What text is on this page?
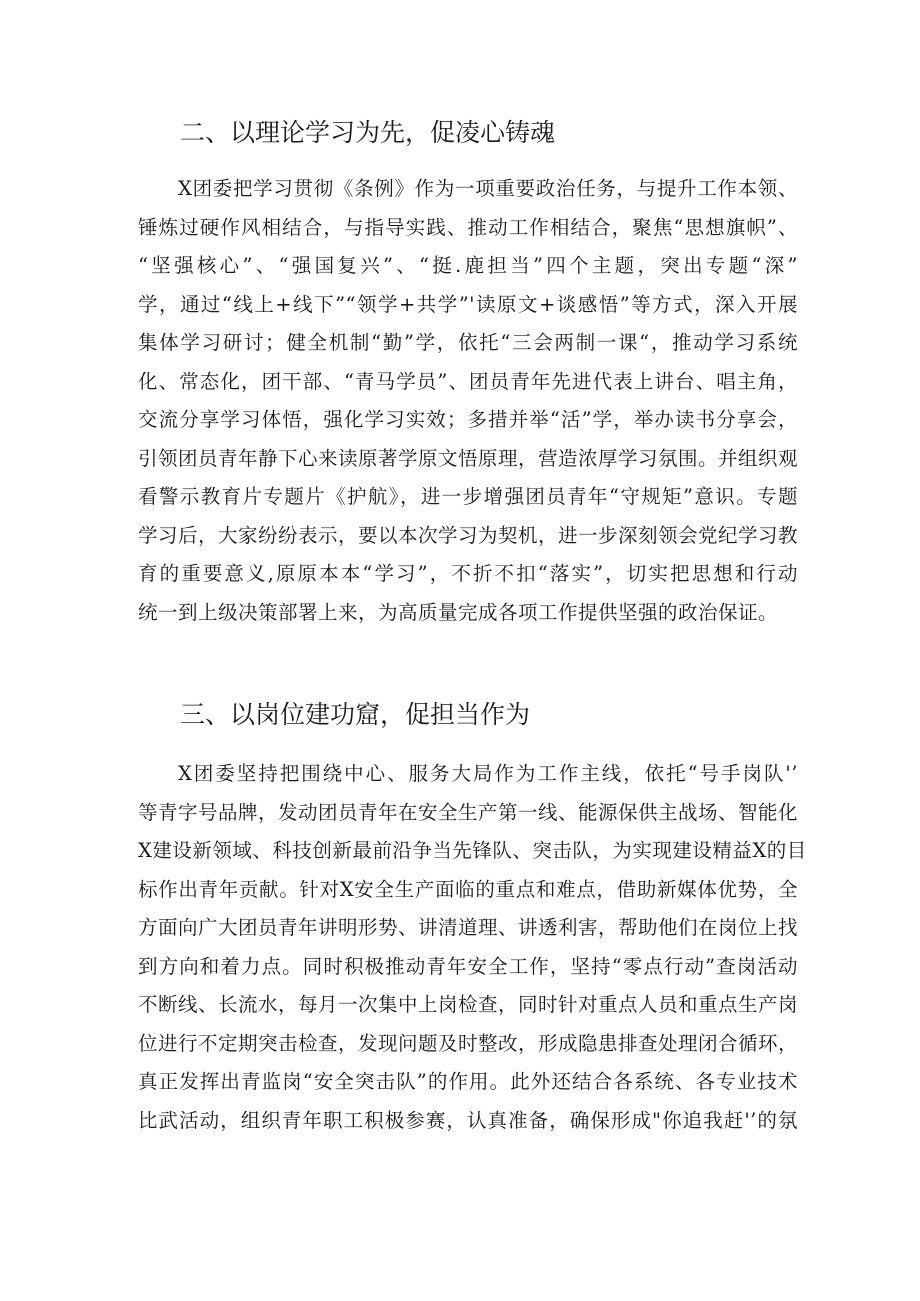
二、以理论学习为先，促凌心铸魂
X团委把学习贯彻《条例》作为一项重要政治任务，与提升工作本领、
锤炼过硬作风相结合，与指导实践、推动工作相结合，聚焦“思想旗帜”、
“坚强核心”、“强国复兴”、“挺.鹿担当”四个主题，突出专题“深”
学，通过“线上+线下”“领学+共学”'读原文+谈感悟”等方式，深入开展
集体学习研讨；健全机制“勤”学，依托“三会两制一课“，推动学习系统
化、常态化，团干部、“青马学员”、团员青年先进代表上讲台、唱主角，
交流分享学习体悟，强化学习实效；多措并举“活”学，举办读书分享会，
引领团员青年静下心来读原著学原文悟原理，营造浓厚学习氛围。并组织观
看警示教育片专题片《护航》，进一步增强团员青年“守规矩”意识。专题
学习后，大家纷纷表示，要以本次学习为契机，进一步深刻领会党纪学习教
育的重要意义,原原本本“学习”，不折不扣“落实”，切实把思想和行动
统一到上级决策部署上来，为高质量完成各项工作提供坚强的政治保证。
三、以岗位建功窟，促担当作为
X团委坚持把围绕中心、服务大局作为工作主线，依托“号手岗队'’
等青字号品牌，发动团员青年在安全生产第一线、能源保供主战场、智能化
X建设新领域、科技创新最前沿争当先锋队、突击队，为实现建设精益X的目
标作出青年贡献。针对X安全生产面临的重点和难点，借助新媒体优势，全
方面向广大团员青年讲明形势、讲清道理、讲透利害，帮助他们在岗位上找
到方向和着力点。同时积极推动青年安全工作，坚持“零点行动”查岗活动
不断线、长流水，每月一次集中上岗检查，同时针对重点人员和重点生产岗
位进行不定期突击检查，发现问题及时整改，形成隐患排查处理闭合循环，
真正发挥出青监岗“安全突击队”的作用。此外还结合各系统、各专业技术
比武活动，组织青年职工积极参赛，认真准备，确保形成"你追我赶'’的氛
